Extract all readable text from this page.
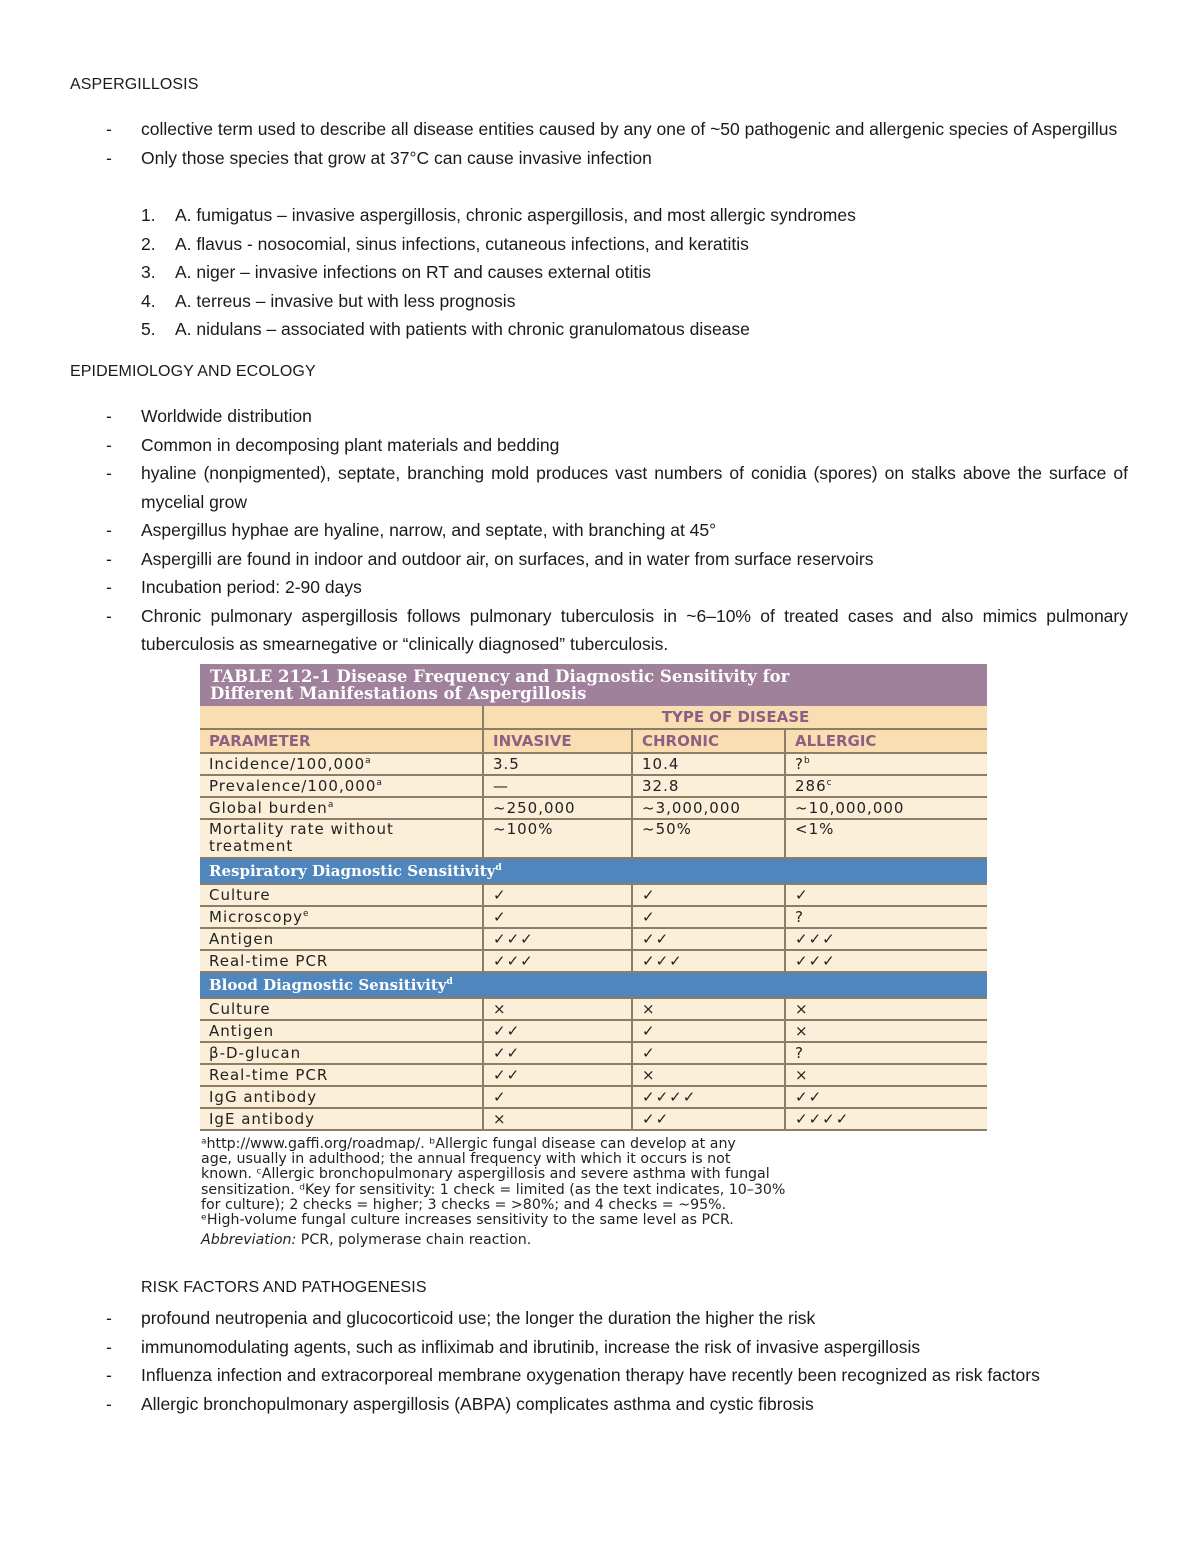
ASPERGILLOSIS
- collective term used to describe all disease entities caused by any one of ~50 pathogenic and allergenic species of Aspergillus
- Only those species that grow at 37°C can cause invasive infection
1. A. fumigatus – invasive aspergillosis, chronic aspergillosis, and most allergic syndromes
2. A. flavus - nosocomial, sinus infections, cutaneous infections, and keratitis
3. A. niger – invasive infections on RT and causes external otitis
4. A. terreus – invasive but with less prognosis
5. A. nidulans – associated with patients with chronic granulomatous disease
EPIDEMIOLOGY AND ECOLOGY
- Worldwide distribution
- Common in decomposing plant materials and bedding
- hyaline (nonpigmented), septate, branching mold produces vast numbers of conidia (spores) on stalks above the surface of mycelial grow
- Aspergillus hyphae are hyaline, narrow, and septate, with branching at 45°
- Aspergilli are found in indoor and outdoor air, on surfaces, and in water from surface reservoirs
- Incubation period: 2-90 days
- Chronic pulmonary aspergillosis follows pulmonary tuberculosis in ~6–10% of treated cases and also mimics pulmonary tuberculosis as smearnegative or “clinically diagnosed” tuberculosis.
TABLE 212-1 Disease Frequency and Diagnostic Sensitivity for
Different Manifestations of Aspergillosis
	TYPE OF DISEASE		
PARAMETER	INVASIVE	CHRONIC	ALLERGIC
Incidence/100,000$^a$	3.5	10.4	?$^b$
Prevalence/100,000$^a$	—	32.8	286$^c$
Global burden$^a$	~250,000	~3,000,000	~10,000,000
Mortality rate without treatment	~100%	~50%	<1%
Respiratory Diagnostic Sensitivity$^d$
Culture	✓	✓	✓
Microscopy$^e$	✓	✓	?
Antigen	✓✓✓	✓✓	✓✓✓
Real-time PCR	✓✓✓	✓✓✓	✓✓✓
Blood Diagnostic Sensitivity$^d$
Culture	×	×	×
Antigen	✓✓	✓	×
β-D-glucan	✓✓	✓	?
Real-time PCR	✓✓	×	×
IgG antibody	✓	✓✓✓✓	✓✓
IgE antibody	×	✓✓	✓✓✓✓
ᵃhttp://www.gaffi.org/roadmap/. ᵇAllergic fungal disease can develop at any
age, usually in adulthood; the annual frequency with which it occurs is not
known. ᶜAllergic bronchopulmonary aspergillosis and severe asthma with fungal
sensitization. ᵈKey for sensitivity: 1 check = limited (as the text indicates, 10–30%
for culture); 2 checks = higher; 3 checks = >80%; and 4 checks = ~95%.
ᵉHigh-volume fungal culture increases sensitivity to the same level as PCR.
Abbreviation: PCR, polymerase chain reaction.
RISK FACTORS AND PATHOGENESIS
- profound neutropenia and glucocorticoid use; the longer the duration the higher the risk
- immunomodulating agents, such as infliximab and ibrutinib, increase the risk of invasive aspergillosis
- Influenza infection and extracorporeal membrane oxygenation therapy have recently been recognized as risk factors
- Allergic bronchopulmonary aspergillosis (ABPA) complicates asthma and cystic fibrosis
